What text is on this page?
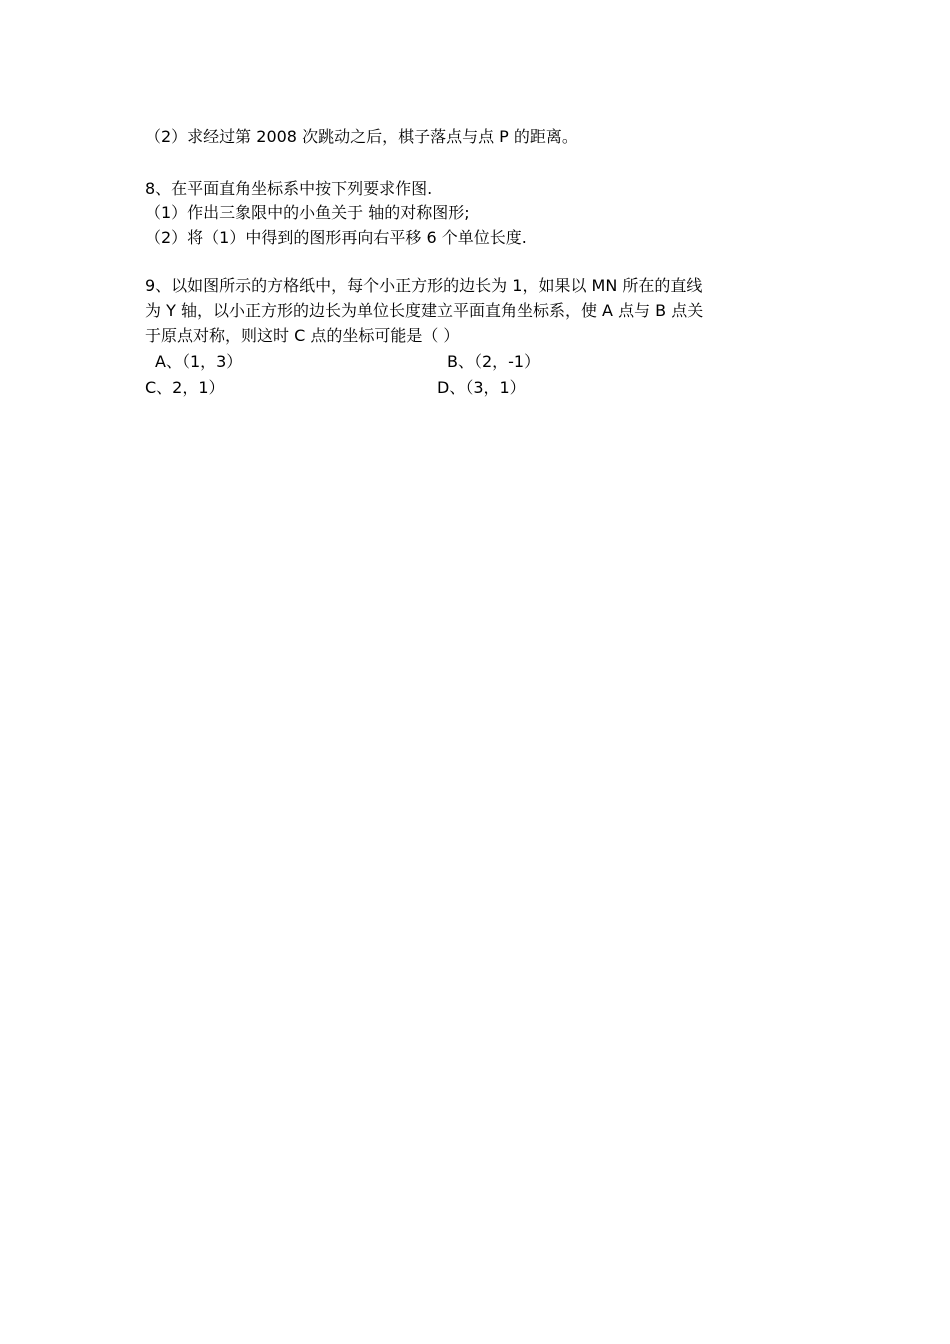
（2）求经过第 2008 次跳动之后，棋子落点与点 P 的距离。
8、在平面直角坐标系中按下列要求作图.
（1）作出三象限中的小鱼关于 轴的对称图形;
（2）将（1）中得到的图形再向右平移 6 个单位长度.
9、以如图所示的方格纸中，每个小正方形的边长为 1，如果以 MN 所在的直线
为 Y 轴，以小正方形的边长为单位长度建立平面直角坐标系，使 A 点与 B 点关
于原点对称，则这时 C 点的坐标可能是（ ）
A、（1，3）	B、（2，-1）
C、2，1）	D、（3，1）
